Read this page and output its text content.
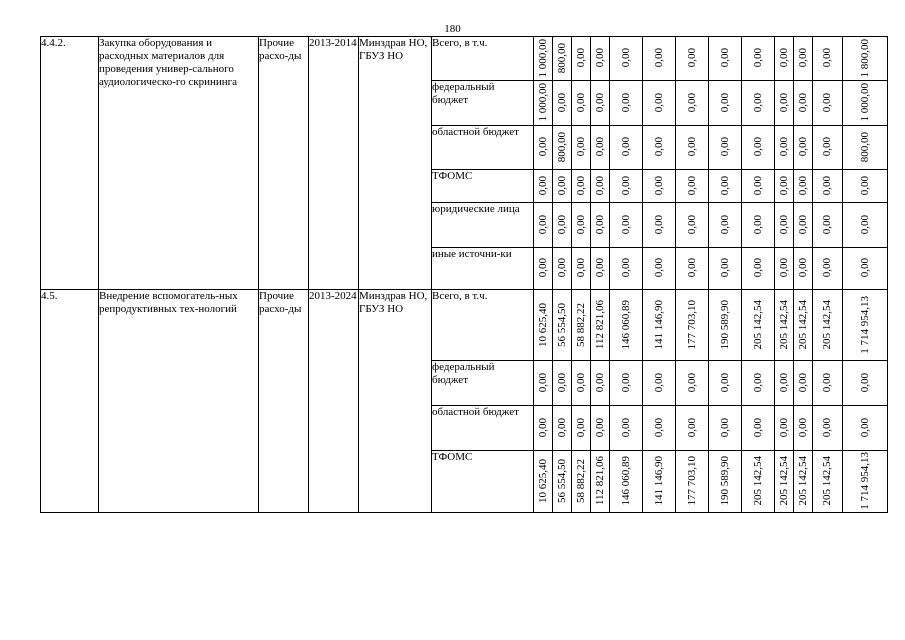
180
4.4.2.	Закупка оборудования и расходных материалов для проведения универ-сального аудиологическо-го скрининга	Прочие расхо-ды	2013-2014	Минздрав НО, ГБУЗ НО	Всего, в т.ч.	1 000,00	800,00	0,00	0,00	0,00	0,00	0,00	0,00	0,00	0,00	0,00	0,00	1 800,00

					федеральный бюджет	1 000,00	0,00	0,00	0,00	0,00	0,00	0,00	0,00	0,00	0,00	0,00	0,00	1 000,00

					областной бюджет	0,00	800,00	0,00	0,00	0,00	0,00	0,00	0,00	0,00	0,00	0,00	0,00	800,00

					ТФОМС	0,00	0,00	0,00	0,00	0,00	0,00	0,00	0,00	0,00	0,00	0,00	0,00	0,00

					юридические лица	0,00	0,00	0,00	0,00	0,00	0,00	0,00	0,00	0,00	0,00	0,00	0,00	0,00

					иные источни-ки	0,00	0,00	0,00	0,00	0,00	0,00	0,00	0,00	0,00	0,00	0,00	0,00	0,00

4.5.	Внедрение вспомогатель-ных репродуктивных тех-нологий	Прочие расхо-ды	2013-2024	Минздрав НО, ГБУЗ НО	Всего, в т.ч.	10 625,40	56 554,50	58 882,22	112 821,06	146 060,89	141 146,90	177 703,10	190 589,90	205 142,54	205 142,54	205 142,54	205 142,54	1 714 954,13

					федеральный бюджет	0,00	0,00	0,00	0,00	0,00	0,00	0,00	0,00	0,00	0,00	0,00	0,00	0,00

					областной бюджет	0,00	0,00	0,00	0,00	0,00	0,00	0,00	0,00	0,00	0,00	0,00	0,00	0,00

					ТФОМС	10 625,40	56 554,50	58 882,22	112 821,06	146 060,89	141 146,90	177 703,10	190 589,90	205 142,54	205 142,54	205 142,54	205 142,54	1 714 954,13
